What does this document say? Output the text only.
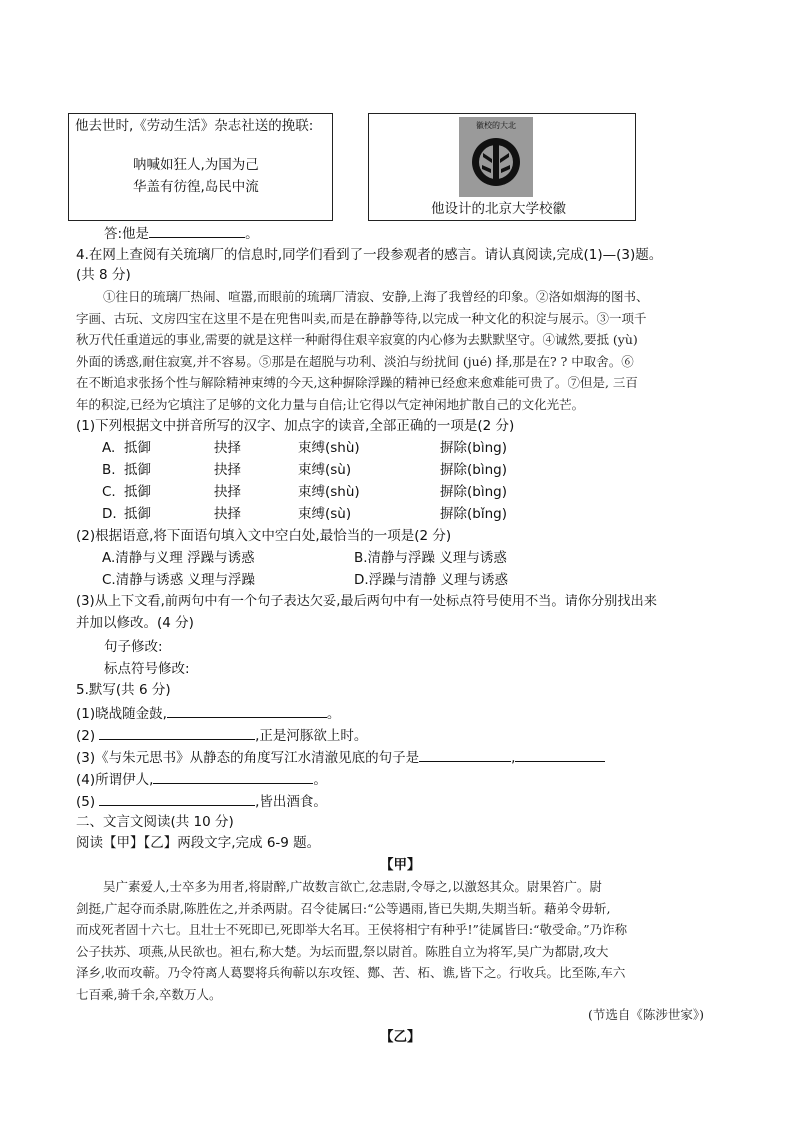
他去世时,《劳动生活》杂志社送的挽联:
呐喊如狂人,为国为己
华盖有彷徨,岛民中流
徽校的大北
他设计的北京大学校徽
答:他是	。
4.在网上查阅有关琉璃厂的信息时,同学们看到了一段参观者的感言。请认真阅读,完成(1)—(3)题。
(共 8 分)
①往日的琉璃厂热闹、喧嚣,而眼前的琉璃厂清寂、安静,上海了我曾经的印象。②洛如烟海的图书、
字画、古玩、文房四宝在这里不是在兜售叫卖,而是在静静等待,以完成一种文化的积淀与展示。③一项千
秋万代任重道远的事业,需要的就是这样一种耐得住艰辛寂寞的内心修为去默默坚守。④诚然,要抵 (yù)
外面的诱惑,耐住寂寞,并不容易。⑤那是在超脱与功利、淡泊与纷扰间 (jué) 择,那是在? ? 中取舍。⑥
在不断追求张扬个性与解除精神束缚的今天,这种摒除浮躁的精神已经愈来愈难能可贵了。⑦但是, 三百
年的积淀,已经为它填注了足够的文化力量与自信;让它得以气定神闲地扩散自己的文化光芒。
(1)下列根据文中拼音所写的汉字、加点字的读音,全部正确的一项是(2 分)
A. 抵御	抉择	束缚(shù)	摒除(bìng)
B. 抵御	抉择	束缚(sù)	摒除(bìng)
C. 抵御	抉择	束缚(shù)	摒除(bìng)
D. 抵御	抉择	束缚(sù)	摒除(bǐng)
(2)根据语意,将下面语句填入文中空白处,最恰当的一项是(2 分)
A.清静与义理 浮躁与诱惑	B.清静与浮躁 义理与诱惑
C.清静与诱惑 义理与浮躁	D.浮躁与清静 义理与诱惑
(3)从上下文看,前两句中有一个句子表达欠妥,最后两句中有一处标点符号使用不当。请你分别找出来
并加以修改。(4 分)
句子修改:
标点符号修改:
5.默写(共 6 分)
(1)晓战随金鼓,	。
(2)	,正是河豚欲上时。
(3)《与朱元思书》从静态的角度写江水清澈见底的句子是	,
(4)所谓伊人,	。
(5)	,皆出酒食。
二、文言文阅读(共 10 分)
阅读【甲】【乙】两段文字,完成 6-9 题。
【甲】
吴广素爱人,士卒多为用者,将尉醉,广故数言欲亡,忿恚尉,令辱之,以激怒其众。尉果笞广。尉
剑挺,广起夺而杀尉,陈胜佐之,并杀两尉。召令徒属曰:“公等遇雨,皆已失期,失期当斩。藉弟令毋斩,
而戍死者固十六七。且壮士不死即已,死即举大名耳。王侯将相宁有种乎!”徒属皆曰:“敬受命。”乃诈称
公子扶苏、项燕,从民欲也。袒右,称大楚。为坛而盟,祭以尉首。陈胜自立为将军,吴广为都尉,攻大
泽乡,收而攻蕲。乃令符离人葛婴将兵徇蕲以东攻铚、酂、苦、柘、谯,皆下之。行收兵。比至陈,车六
七百乘,骑千余,卒数万人。
(节选自《陈涉世家》)
【乙】
